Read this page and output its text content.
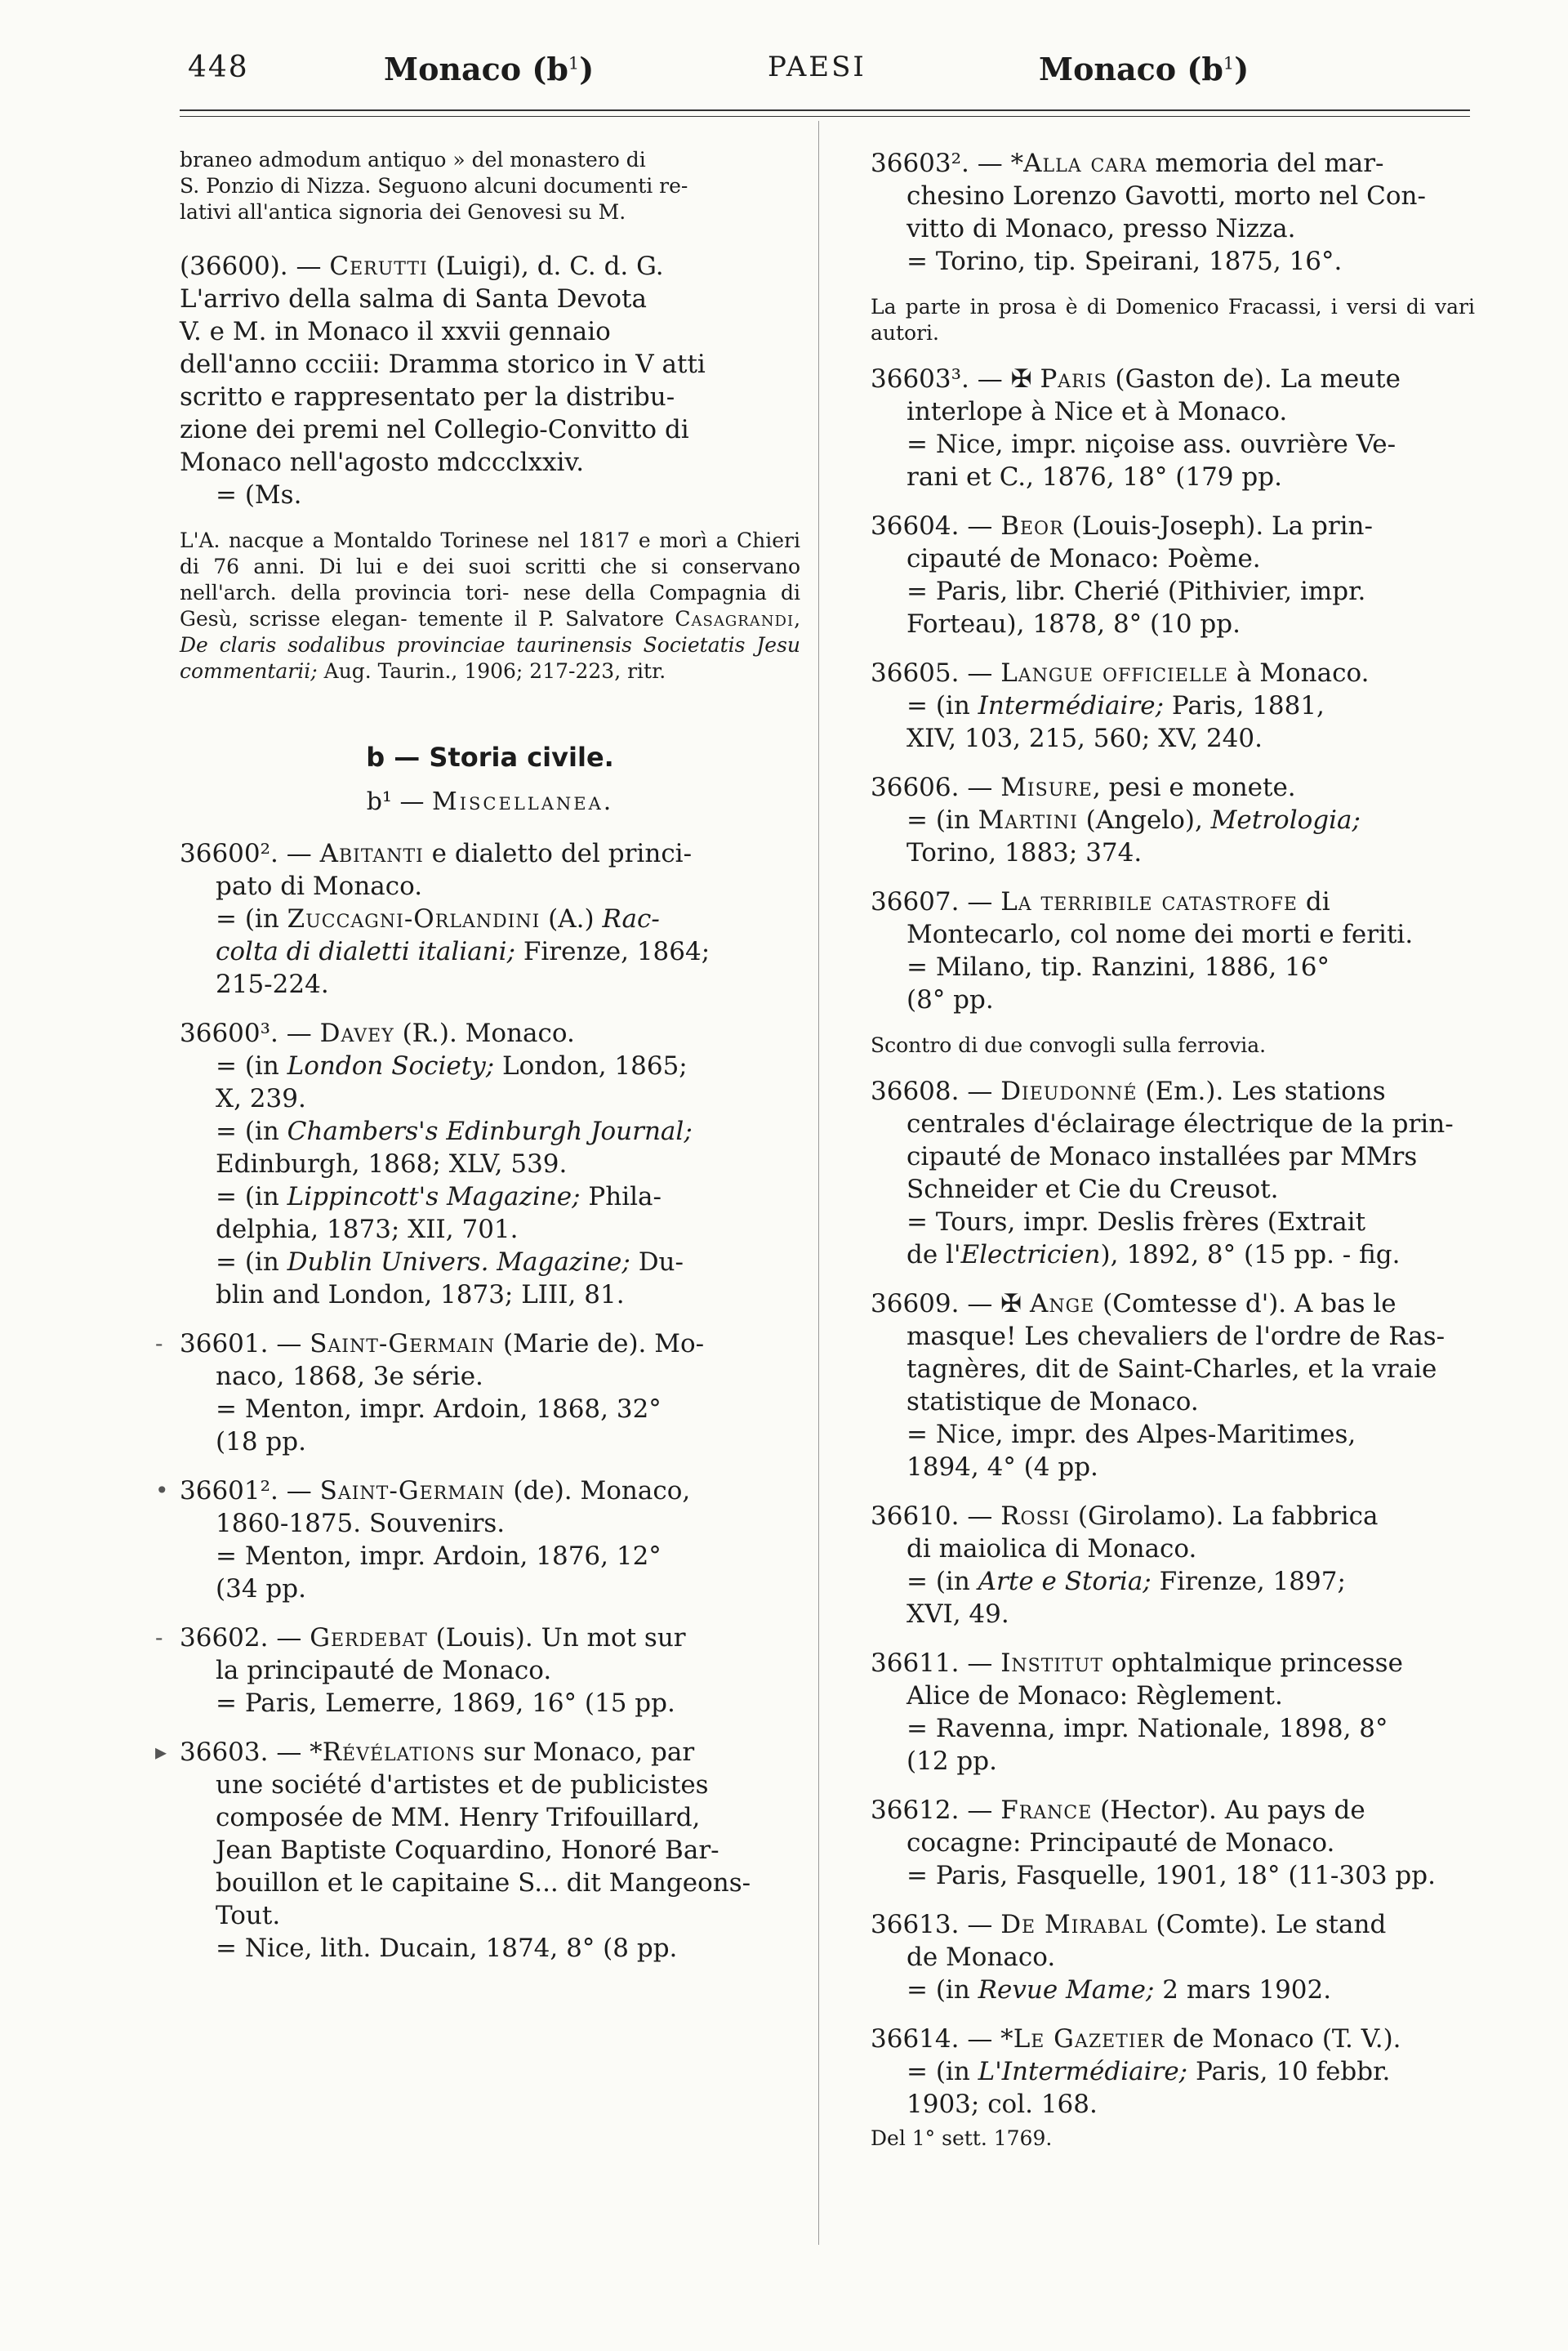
448	Monaco $(b^1)$	PAESI	Monaco $(b^1)$
braneo admodum antiquo » del monastero di
S. Ponzio di Nizza. Seguono alcuni documenti re-
lativi all'antica signoria dei Genovesi su M.
(36600). — Cerutti (Luigi), d. C. d. G.
L'arrivo della salma di Santa Devota
V. e M. in Monaco il xxvii gennaio
dell'anno ccciii: Dramma storico in V atti
scritto e rappresentato per la distribu-
zione dei premi nel Collegio-Convitto di
Monaco nell'agosto mdccclxxiv.
= (Ms.
L'A. nacque a Montaldo Torinese nel 1817 e morì a Chieri di 76 anni. Di lui e dei suoi scritti che si conservano nell'arch. della provincia tori- nese della Compagnia di Gesù, scrisse elegan- temente il P. Salvatore Casagrandi, De claris sodalibus provinciae taurinensis Societatis Jesu commentarii; Aug. Taurin., 1906; 217-223, ritr.
b — Storia civile.
b¹ — Miscellanea.
36600². — Abitanti e dialetto del princi-
pato di Monaco.
= (in Zuccagni-Orlandini (A.) Rac-
colta di dialetti italiani; Firenze, 1864;
215-224.
36600³. — Davey (R.). Monaco.
= (in London Society; London, 1865;
X, 239.
= (in Chambers's Edinburgh Journal;
Edinburgh, 1868; XLV, 539.
= (in Lippincott's Magazine; Phila-
delphia, 1873; XII, 701.
= (in Dublin Univers. Magazine; Du-
blin and London, 1873; LIII, 81.
- 36601. — Saint-Germain (Marie de). Mo-
naco, 1868, 3e série.
= Menton, impr. Ardoin, 1868, 32°
(18 pp.
• 36601². — Saint-Germain (de). Monaco,
1860-1875. Souvenirs.
= Menton, impr. Ardoin, 1876, 12°
(34 pp.
- 36602. — Gerdebat (Louis). Un mot sur
la principauté de Monaco.
= Paris, Lemerre, 1869, 16° (15 pp.
▸ 36603. — *Révélations sur Monaco, par
une société d'artistes et de publicistes
composée de MM. Henry Trifouillard,
Jean Baptiste Coquardino, Honoré Bar-
bouillon et le capitaine S... dit Mangeons-
Tout.
= Nice, lith. Ducain, 1874, 8° (8 pp.
36603². — *Alla cara memoria del mar-
chesino Lorenzo Gavotti, morto nel Con-
vitto di Monaco, presso Nizza.
= Torino, tip. Speirani, 1875, 16°.
La parte in prosa è di Domenico Fracassi, i versi di vari autori.
36603³. — ✠ Paris (Gaston de). La meute
interlope à Nice et à Monaco.
= Nice, impr. niçoise ass. ouvrière Ve-
rani et C., 1876, 18° (179 pp.
36604. — Beor (Louis-Joseph). La prin-
cipauté de Monaco: Poème.
= Paris, libr. Cherié (Pithivier, impr.
Forteau), 1878, 8° (10 pp.
36605. — Langue officielle à Monaco.
= (in Intermédiaire; Paris, 1881,
XIV, 103, 215, 560; XV, 240.
36606. — Misure, pesi e monete.
= (in Martini (Angelo), Metrologia;
Torino, 1883; 374.
36607. — La terribile catastrofe di
Montecarlo, col nome dei morti e feriti.
= Milano, tip. Ranzini, 1886, 16°
(8° pp.
Scontro di due convogli sulla ferrovia.
36608. — Dieudonné (Em.). Les stations
centrales d'éclairage électrique de la prin-
cipauté de Monaco installées par MMrs
Schneider et Cie du Creusot.
= Tours, impr. Deslis frères (Extrait
de l'Electricien), 1892, 8° (15 pp. - fig.
36609. — ✠ Ange (Comtesse d'). A bas le
masque! Les chevaliers de l'ordre de Ras-
tagnères, dit de Saint-Charles, et la vraie
statistique de Monaco.
= Nice, impr. des Alpes-Maritimes,
1894, 4° (4 pp.
36610. — Rossi (Girolamo). La fabbrica
di maiolica di Monaco.
= (in Arte e Storia; Firenze, 1897;
XVI, 49.
36611. — Institut ophtalmique princesse
Alice de Monaco: Règlement.
= Ravenna, impr. Nationale, 1898, 8°
(12 pp.
36612. — France (Hector). Au pays de
cocagne: Principauté de Monaco.
= Paris, Fasquelle, 1901, 18° (11-303 pp.
36613. — De Mirabal (Comte). Le stand
de Monaco.
= (in Revue Mame; 2 mars 1902.
36614. — *Le Gazetier de Monaco (T. V.).
= (in L'Intermédiaire; Paris, 10 febbr.
1903; col. 168.
Del 1° sett. 1769.
